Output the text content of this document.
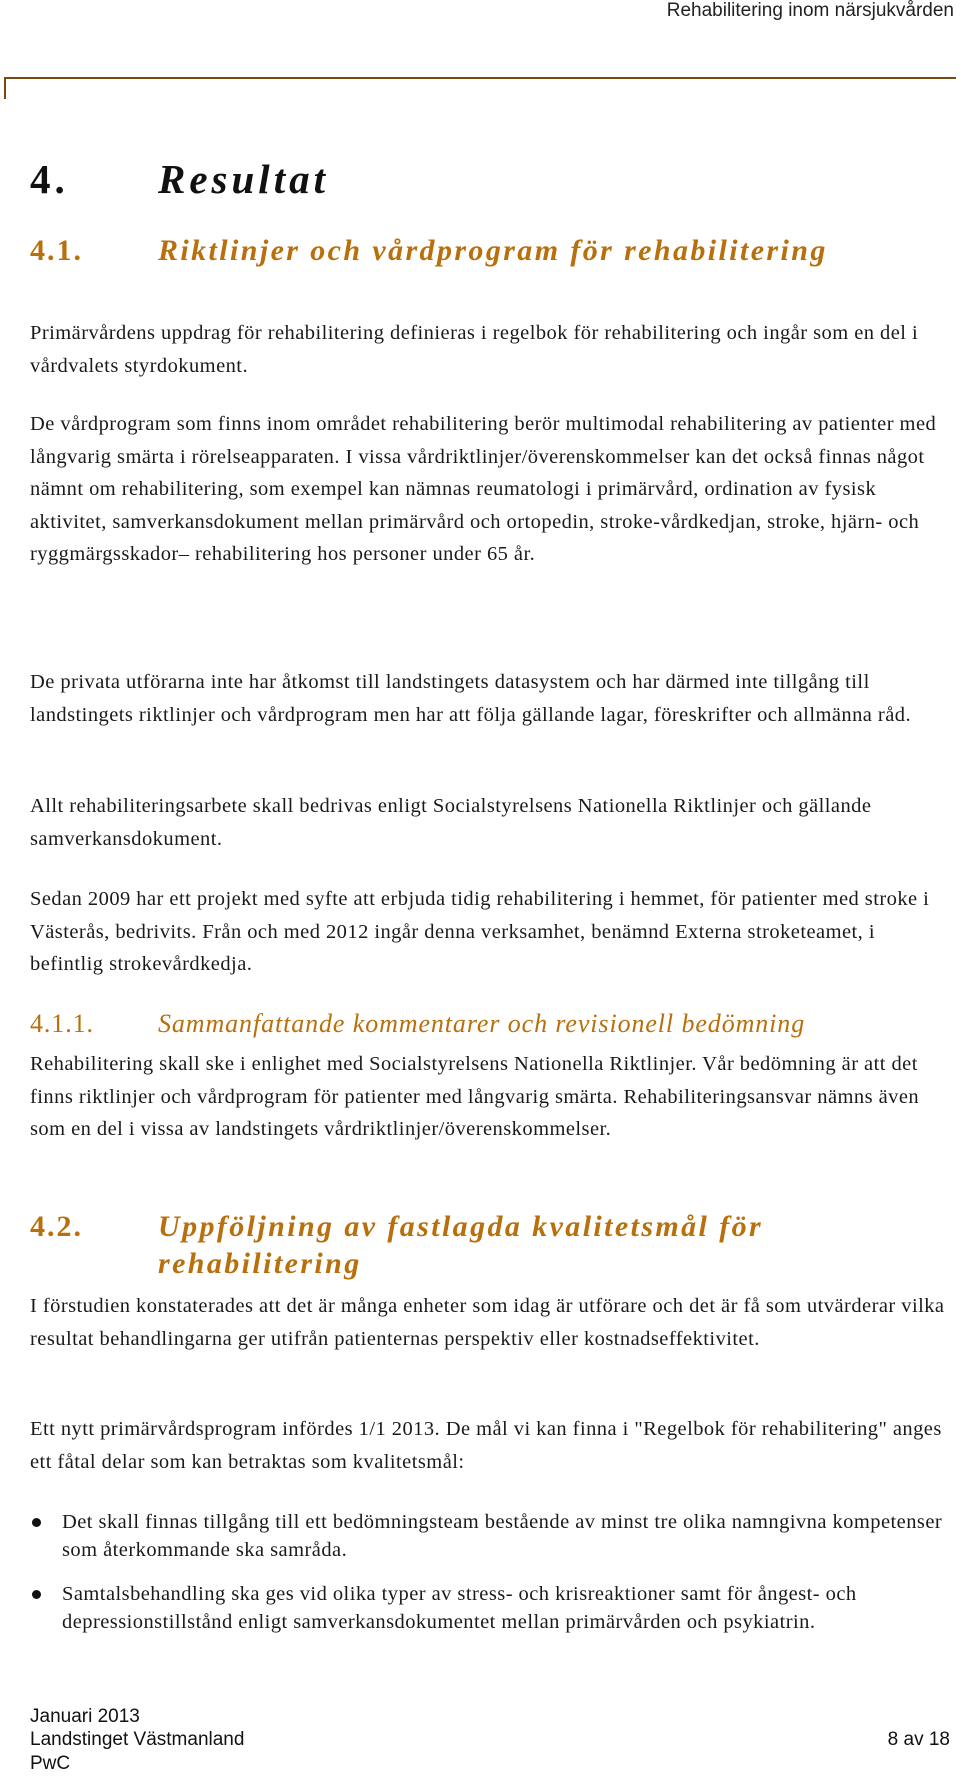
Rehabilitering inom närsjukvården
4. Resultat
4.1.	Riktlinjer och vårdprogram för rehabilitering
Primärvårdens uppdrag för rehabilitering definieras i regelbok för rehabilitering och ingår som en del i vårdvalets styrdokument.
De vårdprogram som finns inom området rehabilitering berör multimodal rehabilitering av patienter med långvarig smärta i rörelseapparaten. I vissa vårdriktlinjer/överenskommelser kan det också finnas något nämnt om rehabilitering, som exempel kan nämnas reumatologi i primärvård, ordination av fysisk aktivitet, samverkansdokument mellan primärvård och ortopedin, stroke-vårdkedjan, stroke, hjärn- och ryggmärgsskador– rehabilitering hos personer under 65 år.
De privata utförarna inte har åtkomst till landstingets datasystem och har därmed inte tillgång till landstingets riktlinjer och vårdprogram men har att följa gällande lagar, föreskrifter och allmänna råd.
Allt rehabiliteringsarbete skall bedrivas enligt Socialstyrelsens Nationella Riktlinjer och gällande samverkansdokument.
Sedan 2009 har ett projekt med syfte att erbjuda tidig rehabilitering i hemmet, för patienter med stroke i Västerås, bedrivits. Från och med 2012 ingår denna verksamhet, benämnd Externa stroketeamet, i befintlig strokevårdkedja.
4.1.1. Sammanfattande kommentarer och revisionell bedömning
Rehabilitering skall ske i enlighet med Socialstyrelsens Nationella Riktlinjer. Vår bedömning är att det finns riktlinjer och vårdprogram för patienter med långvarig smärta. Rehabiliteringsansvar nämns även som en del i vissa av landstingets vårdriktlinjer/överenskommelser.
4.2.	Uppföljning av fastlagda kvalitetsmål för rehabilitering
I förstudien konstaterades att det är många enheter som idag är utförare och det är få som utvärderar vilka resultat behandlingarna ger utifrån patienternas perspektiv eller kostnadseffektivitet.
Ett nytt primärvårdsprogram infördes 1/1 2013. De mål vi kan finna i "Regelbok för rehabilitering" anges ett fåtal delar som kan betraktas som kvalitetsmål:
Det skall finnas tillgång till ett bedömningsteam bestående av minst tre olika namngivna kompetenser som återkommande ska samråda.
Samtalsbehandling ska ges vid olika typer av stress- och krisreaktioner samt för ångest- och depressionstillstånd enligt samverkansdokumentet mellan primärvården och psykiatrin.
Januari 2013
Landstinget Västmanland
PwC
8 av 18
